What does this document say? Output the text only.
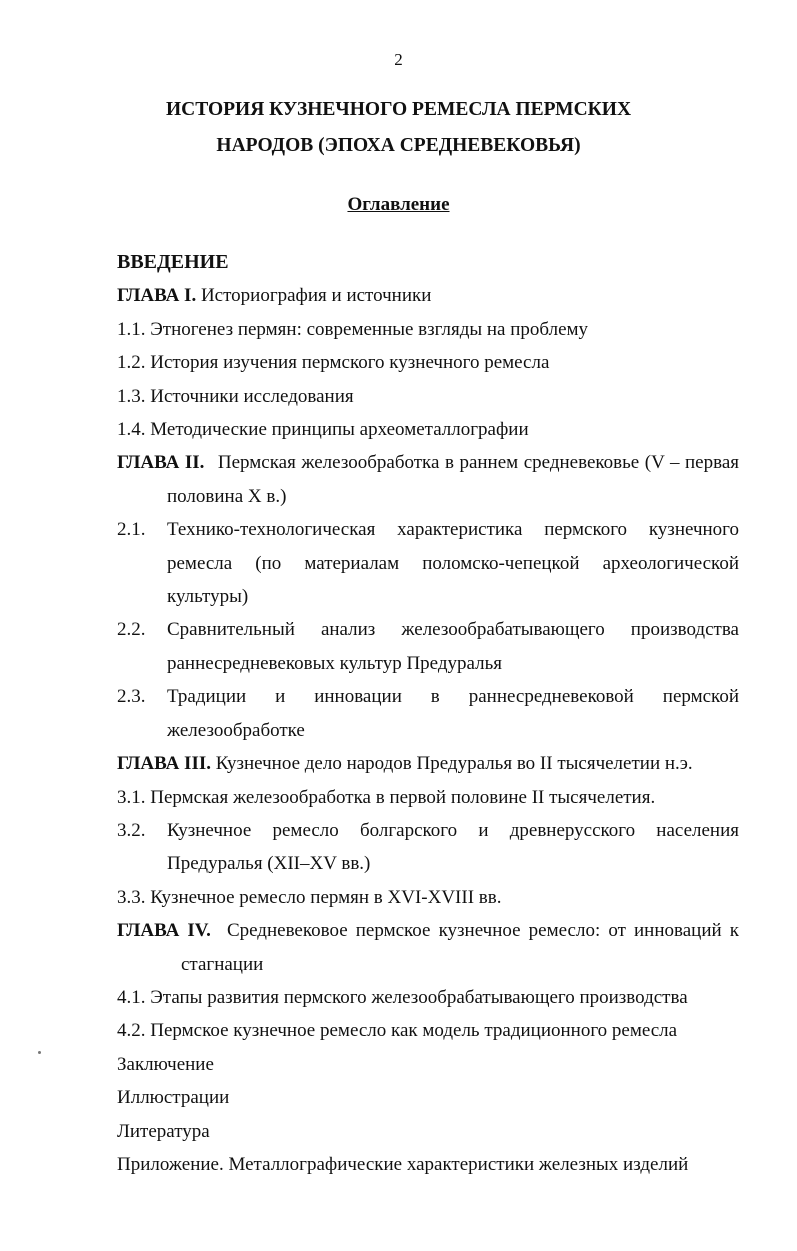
2
ИСТОРИЯ КУЗНЕЧНОГО РЕМЕСЛА ПЕРМСКИХ
НАРОДОВ (ЭПОХА СРЕДНЕВЕКОВЬЯ)
Оглавление
ВВЕДЕНИЕ
ГЛАВА I. Историография и источники
1.1. Этногенез пермян: современные взгляды на проблему
1.2. История изучения пермского кузнечного ремесла
1.3. Источники исследования
1.4. Методические принципы археометаллографии
ГЛАВА II. Пермская железообработка в раннем средневековье (V – первая половина X в.)
2.1.	Технико-технологическая характеристика пермского кузнечного ремесла (по материалам поломско-чепецкой археологической культуры)
2.2.	Сравнительный анализ железообрабатывающего производства раннесредневековых культур Предуралья
2.3.	Традиции и инновации в раннесредневековой пермской железообработке
ГЛАВА III. Кузнечное дело народов Предуралья во II тысячелетии н.э.
3.1. Пермская железообработка в первой половине II тысячелетия.
3.2.	Кузнечное ремесло болгарского и древнерусского населения Предуралья (XII–XV вв.)
3.3. Кузнечное ремесло пермян в XVI-XVIII вв.
ГЛАВА IV. Средневековое пермское кузнечное ремесло: от инноваций к стагнации
4.1. Этапы развития пермского железообрабатывающего производства
4.2. Пермское кузнечное ремесло как модель традиционного ремесла
Заключение
Иллюстрации
Литература
Приложение. Металлографические характеристики железных изделий
